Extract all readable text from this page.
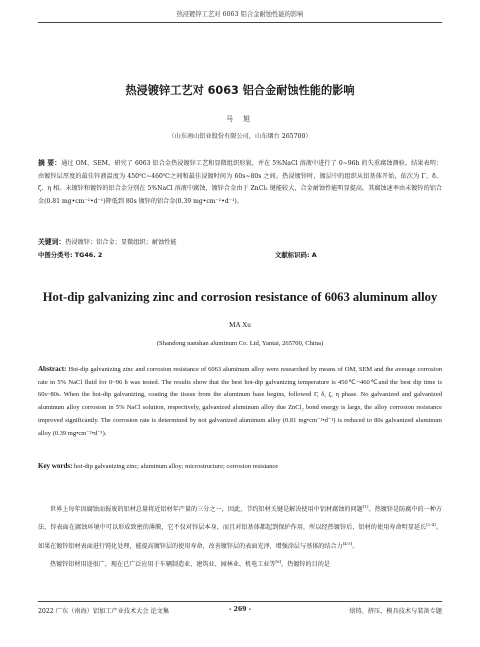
热浸镀锌工艺对 6063 铝合金耐蚀性能的影响
热浸镀锌工艺对 6063 铝合金耐蚀性能的影响
马 旭
（山东南山铝业股份有限公司，山东烟台 265700）
摘 要：通过 OM、SEM，研究了 6063 铝合金热浸镀锌工艺和显微组织形貌，并在 5%NaCl 溶液中进行了 0~96h 的失重腐蚀测验。结果表明：由镀锌层厚度的最佳锌液温度为 450℃~460℃之间和最佳浸镀时间为 60s~80s 之间。热浸镀锌时，镀层中的组织从铝基体开始，依次为 Γ、δ、ζ、η 相。未镀锌和镀锌的铝合金分别在 5%NaCl 溶液中腐蚀，镀锌合金由于 ZnCl₂ 键能较大，合金耐蚀性能明显提高。其腐蚀速率由未镀锌的铝合金(0.81 mg•cm⁻²•d⁻¹)降低到 80s 镀锌的铝合金(0.39 mg•cm⁻²•d⁻¹)。
关键词：热浸镀锌；铝合金；显微组织；耐蚀性能
中图分类号: TG46. 2	文献标识码: A
Hot-dip galvanizing zinc and corrosion resistance of 6063 aluminum alloy
MA Xu
(Shandong nanshan aluminum Co. Ltd, Yantai, 265700, China)
Abstract: Hot-dip galvanizing zinc and corrosion resistance of 6063 aluminum alloy were researched by means of OM, SEM and the average corrosion rate in 5% NaCl fluid for 0~96 h was tested. The results show that the best hot-dip galvanizing temperature is 450℃~460℃and the best dip time is 60s~80s. When the hot-dip galvanizing, coating the tissue from the aluminum base begins, followed Γ, δ, ζ, η phase. No galvanized and galvanized aluminum alloy corrosion in 5% NaCl solution, respectively, galvanized aluminum alloy due ZnCl₂ bond energy is large, the alloy corrosion resistance improved significantly. The corrosion rate is determined by not galvanized aluminum alloy (0.81 mg•cm⁻²•d⁻¹) is reduced to 80s galvanized aluminum alloy (0.39 mg•cm⁻²•d⁻¹).
Key words: hot-dip galvanizing zinc; aluminum alloy; microstructure; corrosion resistance

世界上每年因腐蚀而报废的铝材总量将近铝材年产量的三分之一，因此，节约铝材关键是解决使用中铝材腐蚀的问题[1]。热镀锌是防腐中的一种方法，锌表面在腐蚀环境中可以形成致密的薄膜，它不仅对锌层本身，而且对铝基体都起到保护作用，所以经热镀锌后，铝材的使用寿命明显延长[2-4]。如果在镀锌铝材表面进行钝化处理，能提高镀锌层的使用寿命，改善镀锌层的表面光泽，增强涂层与基体的结合力[4-5]。

热镀锌铝材用途很广，现在已广泛应用于车辆制造业、建筑业、园林业、机电工业等[6]。热镀锌的目的是

2022 广东（南海）铝加工产业技术大会 论文集	- 269 -	熔铸、挤压、模具技术与装备专题
